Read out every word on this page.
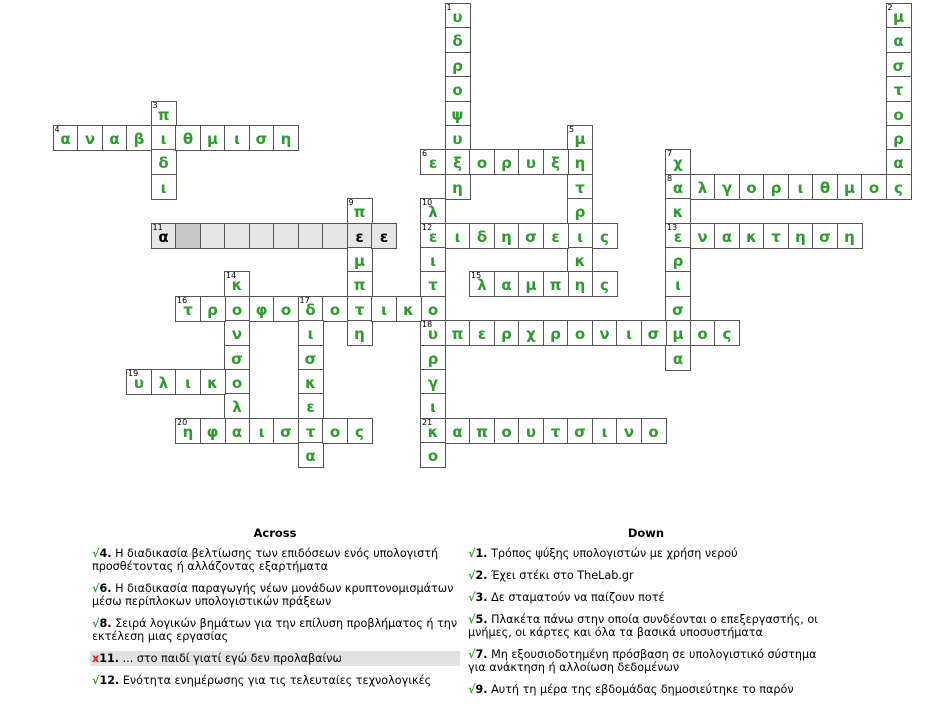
1
υ
δ
ρ
ο
ψ
υ
ξ
η
2
μ
α
σ
τ
ο
ρ
α
ς
3
π
ι
δ
ι
4
α ν α β	θ μ	ι	σ η
5
μ
η
τ
ρ
ι
κ
η
6
ε	ο ρ υ	ξ
7
χ
8
α
κ
13
ε
ρ
ι
σ
μ
α
λ γ ο ρ	ι	θ μ ο
9
π
ε
μ
π
τ
η
10
λ
12
ε
ι
τ
ο
18
υ
ρ
γ
ι
21
κ
ο
11
α	ε	ι	δ η σ ε	ς	ν α κ τ η σ η
14
κ
ο
ν
σ
ο
λ
α
15
λ α μ π	ς
16
τ ρ	φ ο
17
δ ο	ι	κ
ι
σ
κ
ε
τ
α
π ε ρ χ ρ ο ν	ι	σ	ο ς
19
υ λ	ι	κ
20
η φ	ι	σ	ο ς	α π ο υ τ σ	ι	ν ο
Across
√4. Η διαδικασία βελτίωσης των επιδόσεων ενός υπολογιστή προσθέτοντας ή αλλάζοντας εξαρτήματα
√6. Η διαδικασία παραγωγής νέων μονάδων κρυπτονομισμάτων μέσω περίπλοκων υπολογιστικών πράξεων
√8. Σειρά λογικών βημάτων για την επίλυση προβλήματος ή την εκτέλεση μιας εργασίας
x11. ... στο παιδί γιατί εγώ δεν προλαβαίνω
√12. Ενότητα ενημέρωσης για τις τελευταίες τεχνολογικές
Down
√1. Τρόπος ψύξης υπολογιστών με χρήση νερού
√2. Έχει στέκι στο TheLab.gr
√3. Δε σταματούν να παίζουν ποτέ
√5. Πλακέτα πάνω στην οποία συνδέονται ο επεξεργαστής, οι μνήμες, οι κάρτες και όλα τα βασικά υποσυστήματα
√7. Μη εξουσιοδοτημένη πρόσβαση σε υπολογιστικό σύστημα για ανάκτηση ή αλλοίωση δεδομένων
√9. Αυτή τη μέρα της εβδομάδας δημοσιεύτηκε το παρόν
